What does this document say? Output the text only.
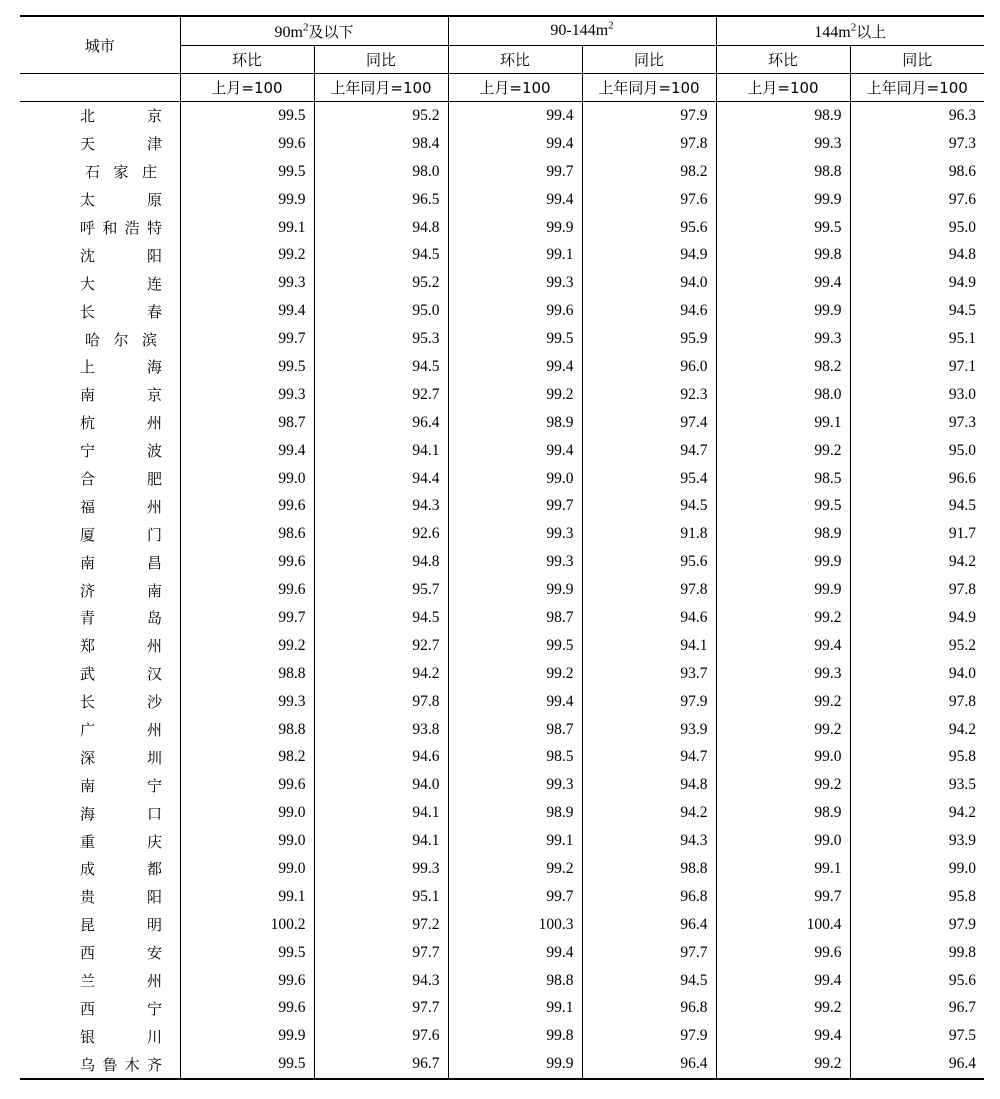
城市	$90m^2$及以下		$90-144m^2$		$144m^2$以上	
	环比	同比	环比	同比	环比	同比
	上月=100	上年同月=100	上月=100	上年同月=100	上月=100	上年同月=100

北京	99.5	95.2	99.4	97.9	98.9	96.3

天津	99.6	98.4	99.4	97.8	99.3	97.3

石家庄	99.5	98.0	99.7	98.2	98.8	98.6

太原	99.9	96.5	99.4	97.6	99.9	97.6

呼和浩特	99.1	94.8	99.9	95.6	99.5	95.0

沈阳	99.2	94.5	99.1	94.9	99.8	94.8

大连	99.3	95.2	99.3	94.0	99.4	94.9

长春	99.4	95.0	99.6	94.6	99.9	94.5

哈尔滨	99.7	95.3	99.5	95.9	99.3	95.1

上海	99.5	94.5	99.4	96.0	98.2	97.1

南京	99.3	92.7	99.2	92.3	98.0	93.0

杭州	98.7	96.4	98.9	97.4	99.1	97.3

宁波	99.4	94.1	99.4	94.7	99.2	95.0

合肥	99.0	94.4	99.0	95.4	98.5	96.6

福州	99.6	94.3	99.7	94.5	99.5	94.5

厦门	98.6	92.6	99.3	91.8	98.9	91.7

南昌	99.6	94.8	99.3	95.6	99.9	94.2

济南	99.6	95.7	99.9	97.8	99.9	97.8

青岛	99.7	94.5	98.7	94.6	99.2	94.9

郑州	99.2	92.7	99.5	94.1	99.4	95.2

武汉	98.8	94.2	99.2	93.7	99.3	94.0

长沙	99.3	97.8	99.4	97.9	99.2	97.8

广州	98.8	93.8	98.7	93.9	99.2	94.2

深圳	98.2	94.6	98.5	94.7	99.0	95.8

南宁	99.6	94.0	99.3	94.8	99.2	93.5

海口	99.0	94.1	98.9	94.2	98.9	94.2

重庆	99.0	94.1	99.1	94.3	99.0	93.9

成都	99.0	99.3	99.2	98.8	99.1	99.0

贵阳	99.1	95.1	99.7	96.8	99.7	95.8

昆明	100.2	97.2	100.3	96.4	100.4	97.9

西安	99.5	97.7	99.4	97.7	99.6	99.8

兰州	99.6	94.3	98.8	94.5	99.4	95.6

西宁	99.6	97.7	99.1	96.8	99.2	96.7

银川	99.9	97.6	99.8	97.9	99.4	97.5

乌鲁木齐	99.5	96.7	99.9	96.4	99.2	96.4
